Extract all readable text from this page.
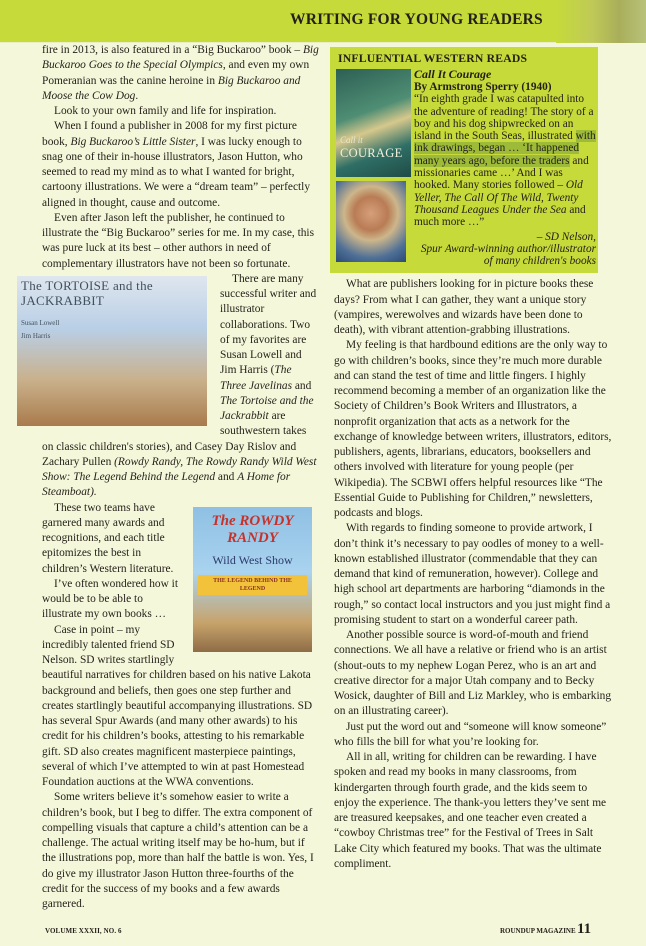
WRITING FOR YOUNG READERS

fire in 2013, is also featured in a “Big Buckaroo” book – Big Buckaroo Goes to the Special Olympics, and even my own Pomeranian was the canine heroine in Big Buckaroo and Moose the Cow Dog.

Look to your own family and life for inspiration.

When I found a publisher in 2008 for my first picture book, Big Buckaroo’s Little Sister, I was lucky enough to snag one of their in-house illustrators, Jason Hutton, who seemed to read my mind as to what I wanted for bright, cartoony illustrations. We were a “dream team” – perfectly aligned in thought, cause and outcome.

Even after Jason left the publisher, he continued to illustrate the “Big Buckaroo” series for me. In my case, this was pure luck at its best – other authors in need of complementary illustrators have not been so fortunate.

The TORTOISE and the JACKRABBIT
Susan Lowell
Jim Harris

There are many successful writer and illustrator collaborations. Two of my favorites are Susan Lowell and Jim Harris (The Three Javelinas and The Tortoise and the Jackrabbit are southwestern takes on classic children's stories), and Casey Day Rislov and Zachary Pullen (Rowdy Randy, The Rowdy Randy Wild West Show: The Legend Behind the Legend and A Home for Steamboat).

The ROWDY RANDY
Wild West Show
THE LEGEND BEHIND THE LEGEND

These two teams have garnered many awards and recognitions, and each title epitomizes the best in children’s Western literature.

I’ve often wondered how it would be to be able to illustrate my own books …

Case in point – my incredibly talented friend SD Nelson. SD writes startlingly beautiful narratives for children based on his native Lakota background and beliefs, then goes one step further and creates startlingly beautiful accompanying illustrations. SD has several Spur Awards (and many other awards) to his credit for his children’s books, attesting to his remarkable gift. SD also creates magnificent masterpiece paintings, several of which I’ve attempted to win at past Homestead Foundation auctions at the WWA conventions.

Some writers believe it’s somehow easier to write a children’s book, but I beg to differ. The extra component of compelling visuals that capture a child’s attention can be a challenge. The actual writing itself may be ho-hum, but if the illustrations pop, more than half the battle is won. Yes, I do give my illustrator Jason Hutton three-fourths of the credit for the success of my books and a few awards garnered.

INFLUENTIAL WESTERN READS
Call it
COURAGE
Call It Courage
By Armstrong Sperry (1940)
“In eighth grade I was catapulted into the adventure of reading! The story of a boy and his dog shipwrecked on an island in the South Seas, illustrated with ink drawings, began … ‘It happened many years ago, before the traders and missionaries came …’ And I was hooked. Many stories followed – Old Yeller, The Call Of The Wild, Twenty Thousand Leagues Under the Sea and much more …”
– SD Nelson,
Spur Award-winning author/illustrator
of many children's books

What are publishers looking for in picture books these days? From what I can gather, they want a unique story (vampires, werewolves and wizards have been done to death), with vibrant attention-grabbing illustrations.

My feeling is that hardbound editions are the only way to go with children’s books, since they’re much more durable and can stand the test of time and little fingers. I highly recommend becoming a member of an organization like the Society of Children’s Book Writers and Illustrators, a nonprofit organization that acts as a network for the exchange of knowledge between writers, illustrators, editors, publishers, agents, librarians, educators, booksellers and others involved with literature for young people (per Wikipedia). The SCBWI offers helpful resources like “The Essential Guide to Publishing for Children,” newsletters, podcasts and blogs.

With regards to finding someone to provide artwork, I don’t think it’s necessary to pay oodles of money to a well-known established illustrator (commendable that they can demand that kind of remuneration, however). College and high school art departments are harboring “diamonds in the rough,” so contact local instructors and you just might find a promising student to start on a wonderful career path.

Another possible source is word-of-mouth and friend connections. We all have a relative or friend who is an artist (shout-outs to my nephew Logan Perez, who is an art and creative director for a major Utah company and to Becky Wosick, daughter of Bill and Liz Markley, who is embarking on an illustrating career).

Just put the word out and “someone will know someone” who fills the bill for what you’re looking for.

All in all, writing for children can be rewarding. I have spoken and read my books in many classrooms, from kindergarten through fourth grade, and the kids seem to enjoy the experience. The thank-you letters they’ve sent me are treasured keepsakes, and one teacher even created a “cowboy Christmas tree” for the Festival of Trees in Salt Lake City which featured my books. That was the ultimate compliment.

VOLUME XXXII, NO. 6	ROUNDUP MAGAZINE 11
